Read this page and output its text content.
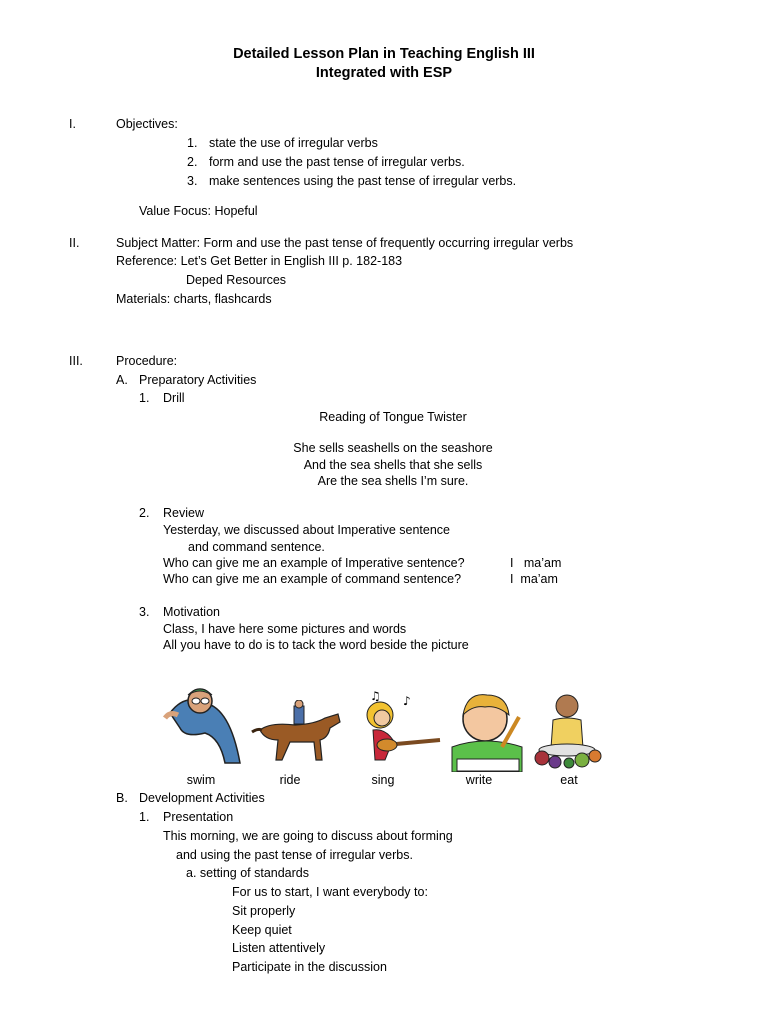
Detailed Lesson Plan in Teaching English III
Integrated with ESP
I.	Objectives:
1. state the use of irregular verbs
2. form and use the past tense of irregular verbs.
3. make sentences using the past tense of irregular verbs.
Value Focus: Hopeful
II.	Subject Matter: Form and use the past tense of frequently occurring irregular verbs
Reference: Let’s Get Better in English III p. 182-183
Deped Resources
Materials: charts, flashcards
III.	Procedure:
A. Preparatory Activities
1. Drill
Reading of Tongue Twister
She sells seashells on the seashore
And the sea shells that she sells
Are the sea shells I’m sure.
2. Review
Yesterday, we discussed about Imperative sentence
and command sentence.
Who can give me an example of Imperative sentence?	I   ma’am
Who can give me an example of command sentence?	I  ma’am
3. Motivation
Class, I have here some pictures and words
All you have to do is to tack the word beside the picture
♫ ♪
swim	ride	sing	write	eat
B. Development Activities
1. Presentation
This morning, we are going to discuss about forming
and using the past tense of irregular verbs.
a. setting of standards
For us to start, I want everybody to:
Sit properly
Keep quiet
Listen attentively
Participate in the discussion
